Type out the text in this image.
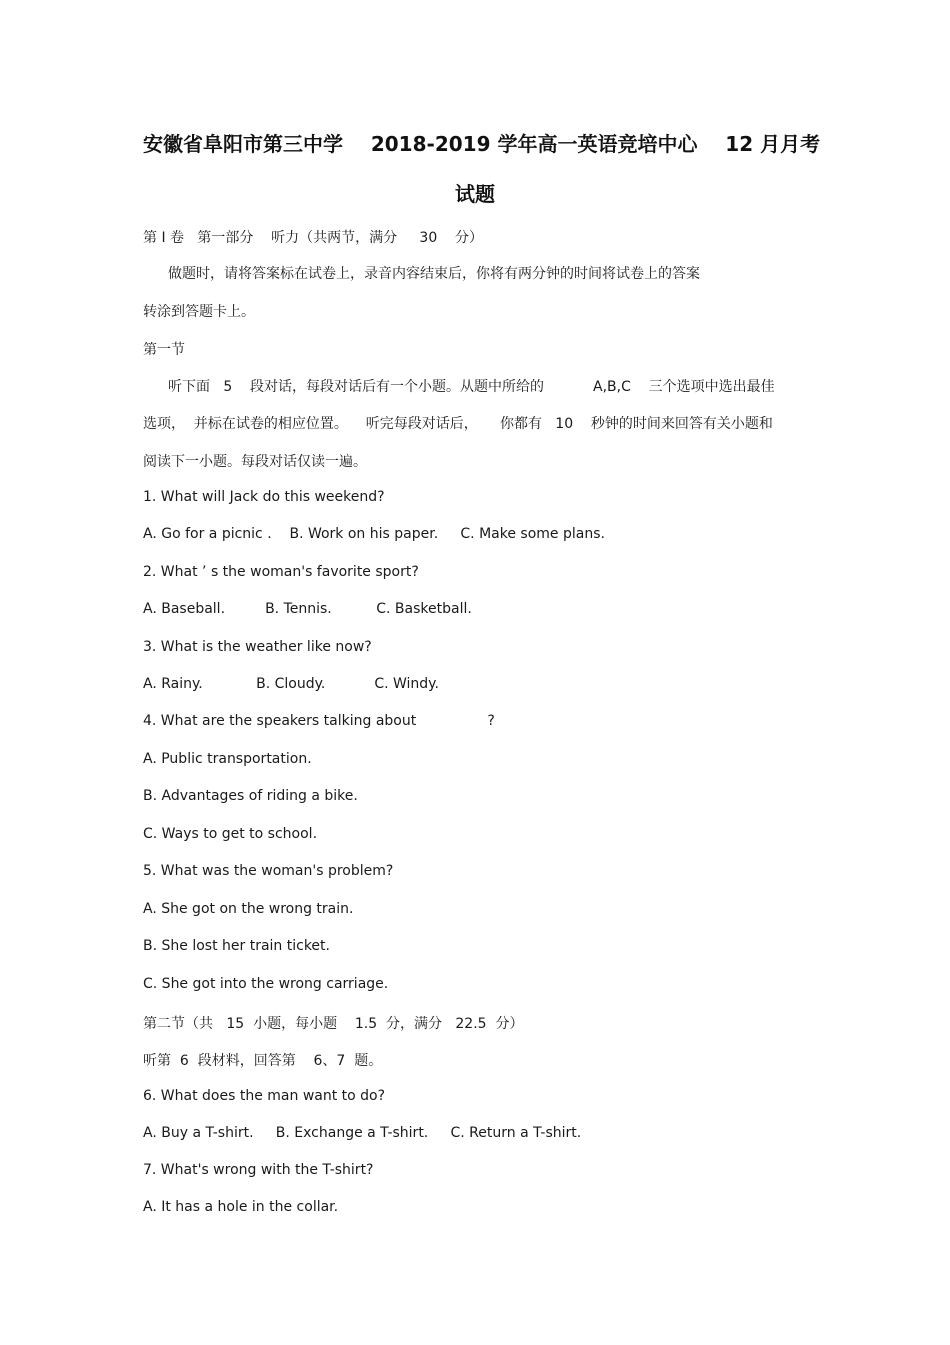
安徽省阜阳市第三中学    2018-2019 学年高一英语竞培中心    12 月月考
试题
第 I 卷   第一部分    听力（共两节，满分     30    分）
做题时，请将答案标在试卷上，录音内容结束后，你将有两分钟的时间将试卷上的答案
转涂到答题卡上。
第一节
听下面   5    段对话，每段对话后有一个小题。从题中所给的           A,B,C    三个选项中选出最佳
选项，  并标在试卷的相应位置。    听完每段对话后，     你都有   10    秒钟的时间来回答有关小题和
阅读下一小题。每段对话仅读一遍。
1. What will Jack do this weekend?
A. Go for a picnic .    B. Work on his paper.     C. Make some plans.
2. What ’ s the woman's favorite sport?
A. Baseball.         B. Tennis.          C. Basketball.
3. What is the weather like now?
A. Rainy.            B. Cloudy.           C. Windy.
4. What are the speakers talking about                ?
A. Public transportation.
B. Advantages of riding a bike.
C. Ways to get to school.
5. What was the woman's problem?
A. She got on the wrong train.
B. She lost her train ticket.
C. She got into the wrong carriage.
第二节（共   15  小题，每小题    1.5  分，满分   22.5  分）
听第  6  段材料，回答第    6、7  题。
6. What does the man want to do?
A. Buy a T-shirt.     B. Exchange a T-shirt.     C. Return a T-shirt.
7. What's wrong with the T-shirt?
A. It has a hole in the collar.
